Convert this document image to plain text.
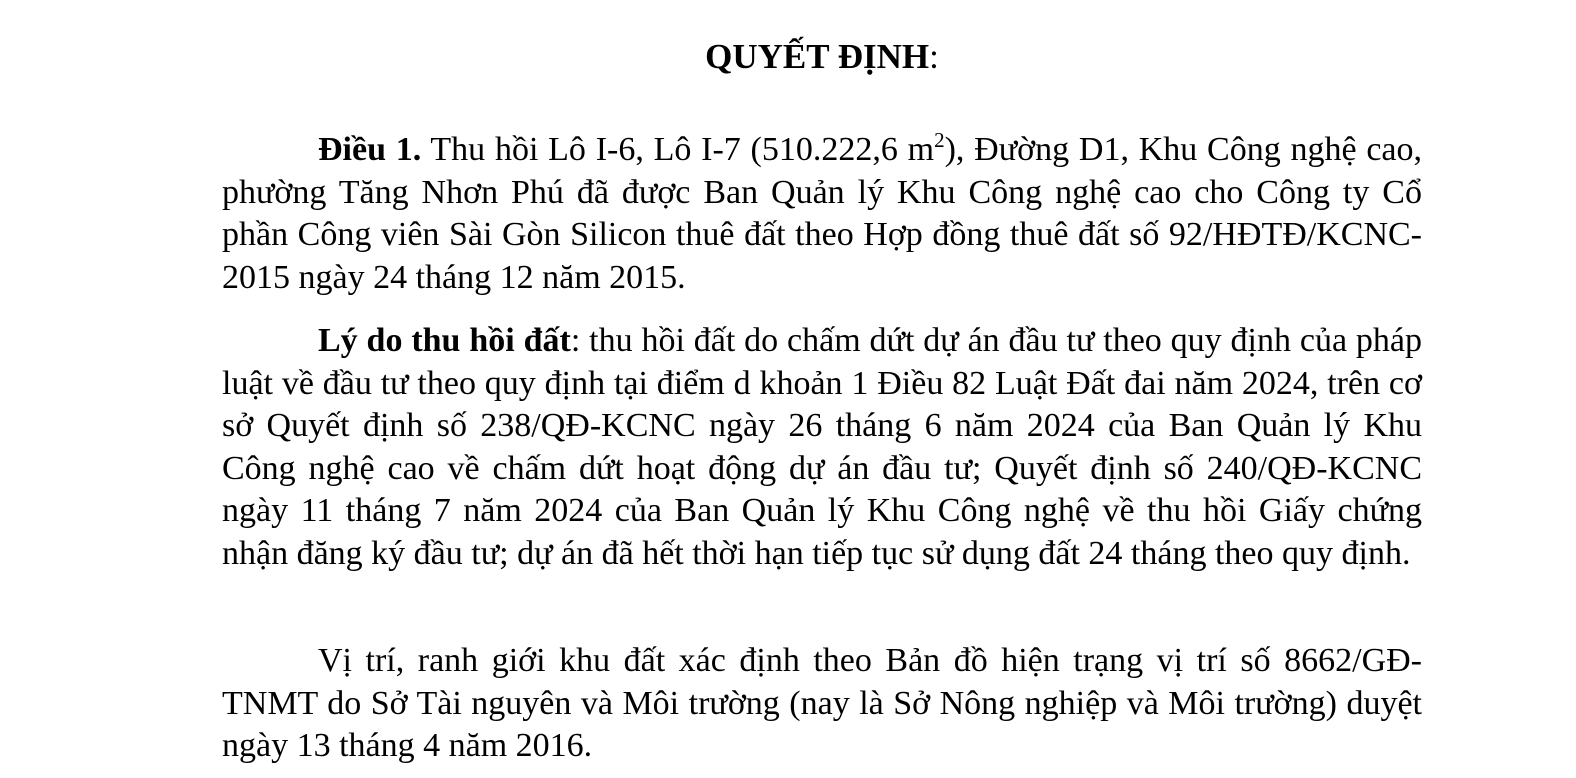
QUYẾT ĐỊNH:

Điều 1. Thu hồi Lô I-6, Lô I-7 (510.222,6 $m^2$), Đường D1, Khu Công nghệ cao, phường Tăng Nhơn Phú đã được Ban Quản lý Khu Công nghệ cao cho Công ty Cổ phần Công viên Sài Gòn Silicon thuê đất theo Hợp đồng thuê đất số 92/HĐTĐ/KCNC-2015 ngày 24 tháng 12 năm 2015.

Lý do thu hồi đất: thu hồi đất do chấm dứt dự án đầu tư theo quy định của pháp luật về đầu tư theo quy định tại điểm d khoản 1 Điều 82 Luật Đất đai năm 2024, trên cơ sở Quyết định số 238/QĐ-KCNC ngày 26 tháng 6 năm 2024 của Ban Quản lý Khu Công nghệ cao về chấm dứt hoạt động dự án đầu tư; Quyết định số 240/QĐ-KCNC ngày 11 tháng 7 năm 2024 của Ban Quản lý Khu Công nghệ về thu hồi Giấy chứng nhận đăng ký đầu tư; dự án đã hết thời hạn tiếp tục sử dụng đất 24 tháng theo quy định.

Vị trí, ranh giới khu đất xác định theo Bản đồ hiện trạng vị trí số 8662/GĐ-TNMT do Sở Tài nguyên và Môi trường (nay là Sở Nông nghiệp và Môi trường) duyệt ngày 13 tháng 4 năm 2016.
